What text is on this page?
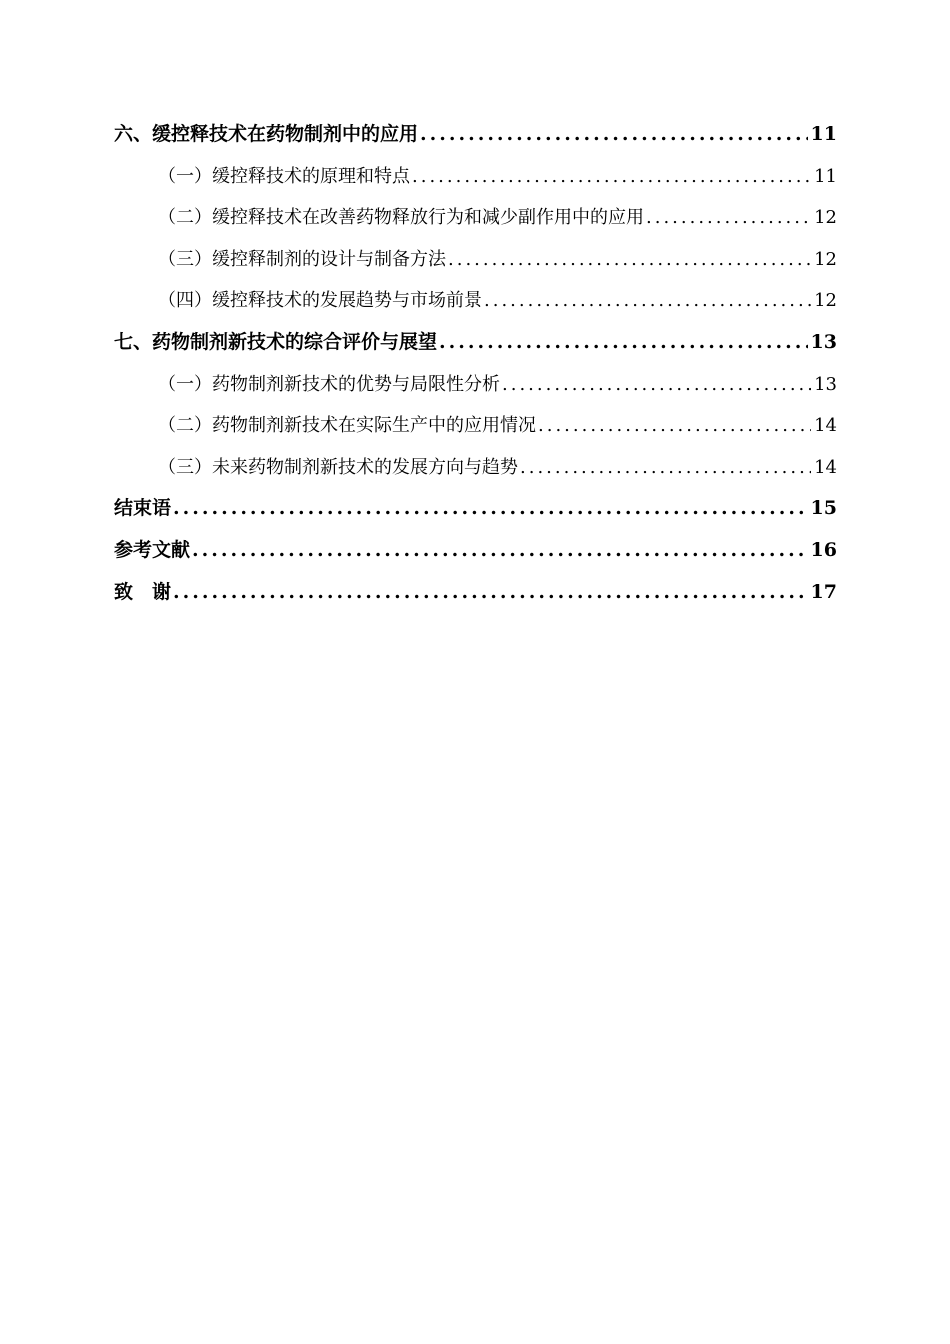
六、缓控释技术在药物制剂中的应用 .....	11
（一）缓控释技术的原理和特点 .....	11
（二）缓控释技术在改善药物释放行为和减少副作用中的应用 .....	12
（三）缓控释制剂的设计与制备方法 .....	12
（四）缓控释技术的发展趋势与市场前景 .....	12
七、药物制剂新技术的综合评价与展望 .....	13
（一）药物制剂新技术的优势与局限性分析 .....	13
（二）药物制剂新技术在实际生产中的应用情况 .....	14
（三）未来药物制剂新技术的发展方向与趋势 .....	14
结束语 .....	15
参考文献 .....	16
致　谢 .....	17
